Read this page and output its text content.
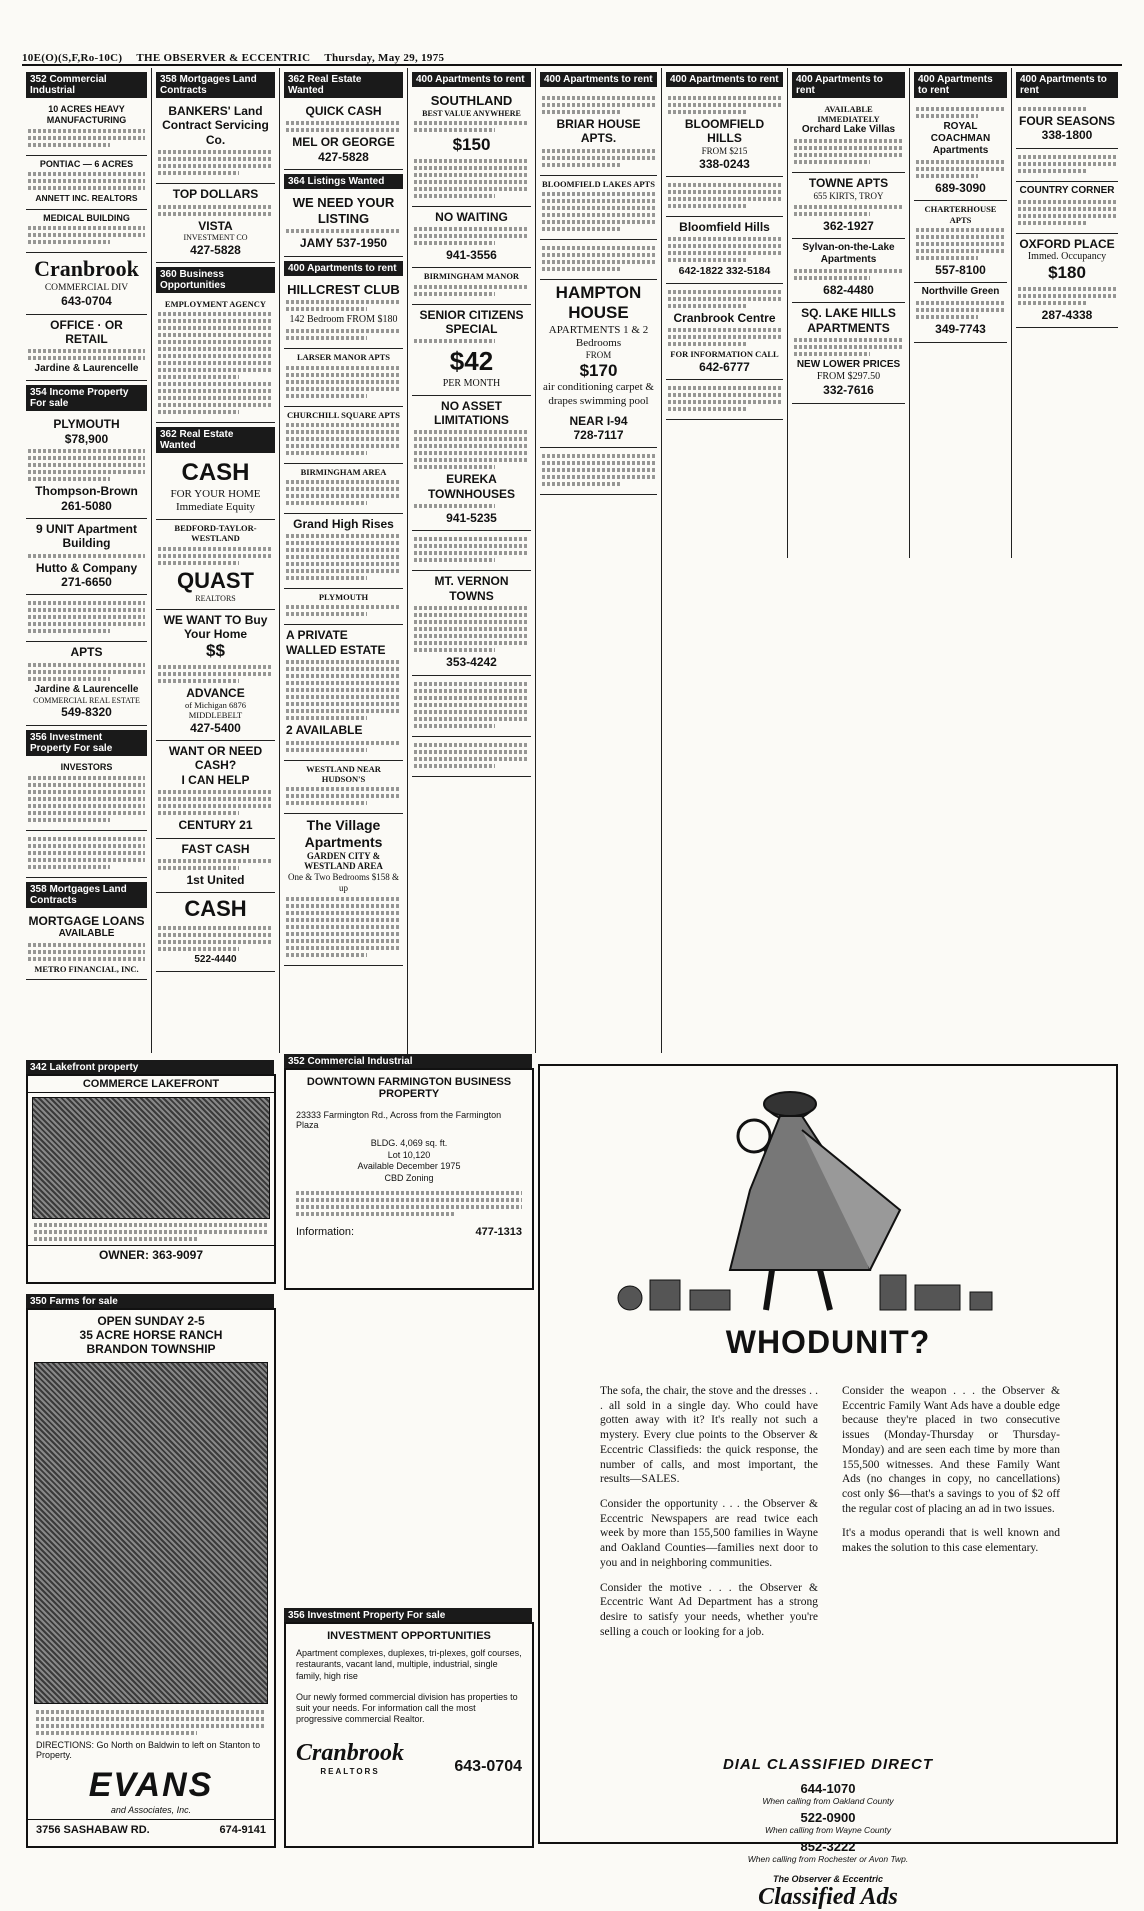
10E(O)(S,F,Ro-10C) THE OBSERVER & ECCENTRIC Thursday, May 29, 1975
352 Commercial Industrial
10 ACRES HEAVY MANUFACTURING
PONTIAC — 6 ACRES
ANNETT INC. REALTORS
MEDICAL BUILDING
Cranbrook
COMMERCIAL DIV
643-0704
OFFICE · OR RETAIL
Jardine & Laurencelle
354 Income Property For sale
PLYMOUTH
$78,900
Thompson-Brown
261-5080
9 UNIT Apartment Building
Hutto & Company
271-6650
APTS
Jardine & Laurencelle
COMMERCIAL REAL ESTATE
549-8320
356 Investment Property For sale
INVESTORS
358 Mortgages Land Contracts
MORTGAGE LOANS
AVAILABLE
METRO FINANCIAL, INC.
358 Mortgages Land Contracts
BANKERS' Land Contract Servicing Co.
TOP DOLLARS
VISTA
INVESTMENT CO
427-5828
360 Business Opportunities
EMPLOYMENT AGENCY
362 Real Estate Wanted
CASH
FOR YOUR HOME Immediate Equity
BEDFORD-TAYLOR-WESTLAND
QUAST
REALTORS
WE WANT TO Buy Your Home
$$
ADVANCE
of Michigan 6876 MIDDLEBELT
427-5400
WANT OR NEED CASH?
I CAN HELP
CENTURY 21
FAST CASH
1st United
CASH
522-4440
362 Real Estate Wanted
QUICK CASH
MEL OR GEORGE
427-5828
364 Listings Wanted
WE NEED YOUR LISTING
JAMY 537-1950
400 Apartments to rent
HILLCREST CLUB
142 Bedroom FROM $180
LARSER MANOR APTS
CHURCHILL SQUARE APTS
BIRMINGHAM AREA
Grand High Rises
PLYMOUTH
A PRIVATE WALLED ESTATE
2 AVAILABLE
WESTLAND NEAR HUDSON'S
The Village Apartments
GARDEN CITY & WESTLAND AREA
One & Two Bedrooms $158 & up
400 Apartments to rent
SOUTHLAND
BEST VALUE ANYWHERE
$150
NO WAITING
941-3556
BIRMINGHAM MANOR
SENIOR CITIZENS SPECIAL
$42
PER MONTH
NO ASSET LIMITATIONS
EUREKA TOWNHOUSES
941-5235
MT. VERNON TOWNS
353-4242
400 Apartments to rent
BRIAR HOUSE APTS.
BLOOMFIELD LAKES APTS
HAMPTON HOUSE
APARTMENTS 1 & 2 Bedrooms
FROM
$170
air conditioning carpet & drapes swimming pool
NEAR I-94
728-7117
400 Apartments to rent
BLOOMFIELD HILLS
FROM $215
338-0243
Bloomfield Hills
642-1822 332-5184
Cranbrook Centre
FOR INFORMATION CALL
642-6777
400 Apartments to rent
AVAILABLE IMMEDIATELY
Orchard Lake Villas
TOWNE APTS
655 KIRTS, TROY
362-1927
Sylvan-on-the-Lake Apartments
682-4480
SQ. LAKE HILLS APARTMENTS
NEW LOWER PRICES
FROM $297.50
332-7616
400 Apartments to rent
ROYAL COACHMAN Apartments
689-3090
CHARTERHOUSE APTS
557-8100
Northville Green
349-7743
400 Apartments to rent
FOUR SEASONS
338-1800
COUNTRY CORNER
OXFORD PLACE
Immed. Occupancy
$180
287-4338
342 Lakefront property
COMMERCE LAKEFRONT
OWNER: 363-9097
350 Farms for sale
OPEN SUNDAY 2-5
35 ACRE HORSE RANCH
BRANDON TOWNSHIP
DIRECTIONS: Go North on Baldwin to left on Stanton to Property.
EVANS
and Associates, Inc.
3756 SASHABAW RD.	674-9141
352 Commercial Industrial
DOWNTOWN FARMINGTON BUSINESS PROPERTY
23333 Farmington Rd., Across from the Farmington Plaza
BLDG. 4,069 sq. ft.
Lot 10,120
Available December 1975
CBD Zoning
Information:	477-1313
356 Investment Property For sale
INVESTMENT OPPORTUNITIES
Apartment complexes, duplexes, tri-plexes, golf courses, restaurants, vacant land, multiple, industrial, single family, high rise
Our newly formed commercial division has properties to suit your needs. For information call the most progressive commercial Realtor.
Cranbrook
REALTORS	643-0704
WHODUNIT?

The sofa, the chair, the stove and the dresses . . . all sold in a single day. Who could have gotten away with it? It's really not such a mystery. Every clue points to the Observer & Eccentric Classifieds: the quick response, the number of calls, and most important, the results—SALES.

Consider the opportunity . . . the Observer & Eccentric Newspapers are read twice each week by more than 155,500 families in Wayne and Oakland Counties—families next door to you and in neighboring communities.

Consider the motive . . . the Observer & Eccentric Want Ad Department has a strong desire to satisfy your needs, whether you're selling a couch or looking for a job.

Consider the weapon . . . the Observer & Eccentric Family Want Ads have a double edge because they're placed in two consecutive issues (Monday-Thursday or Thursday-Monday) and are seen each time by more than 155,500 witnesses. And these Family Want Ads (no changes in copy, no cancellations) cost only $6—that's a savings to you of $2 off the regular cost of placing an ad in two issues.

It's a modus operandi that is well known and makes the solution to this case elementary.

DIAL CLASSIFIED DIRECT
644-1070
When calling from Oakland County
522-0900
When calling from Wayne County
852-3222
When calling from Rochester or Avon Twp.
The Observer & Eccentric
Classified Ads
